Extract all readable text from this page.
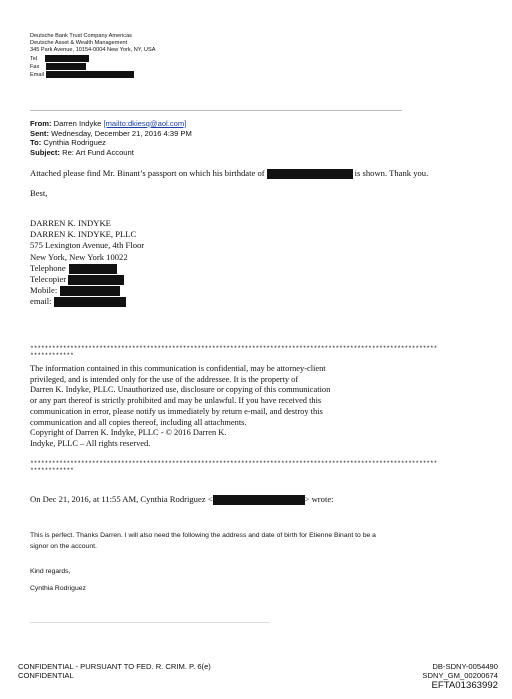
Deutsche Bank Trust Company Americas
Deutsche Asset & Wealth Management
345 Park Avenue, 10154-0004 New York, NY, USA
Tel
Fax
Email
From: Darren Indyke [mailto:dkiesq@aol.com]
Sent: Wednesday, December 21, 2016 4:39 PM
To: Cynthia Rodriguez
Subject: Re: Art Fund Account
Attached please find Mr. Binant’s passport on which his birthdate of	is shown. Thank you.
Best,
DARREN K. INDYKE
DARREN K. INDYKE, PLLC
575 Lexington Avenue, 4th Floor
New York, New York 10022
Telephone
Telecopier
Mobile:
email:
****************************************************************************************************************
************
The information contained in this communication is confidential, may be attorney-client
privileged, and is intended only for the use of the addressee. It is the property of
Darren K. Indyke, PLLC. Unauthorized use, disclosure or copying of this communication
or any part thereof is strictly prohibited and may be unlawful. If you have received this
communication in error, please notify us immediately by return e-mail, and destroy this
communication and all copies thereof, including all attachments.
Copyright of Darren K. Indyke, PLLC - © 2016 Darren K.
Indyke, PLLC – All rights reserved.
****************************************************************************************************************
************
On Dec 21, 2016, at 11:55 AM, Cynthia Rodriguez <	> wrote:
This is perfect. Thanks Darren. I will also need the following the address and date of birth for Etienne Binant to be a
signor on the account.
Kind regards,
Cynthia Rodriguez
CONFIDENTIAL - PURSUANT TO FED. R. CRIM. P. 6(e)
CONFIDENTIAL
DB-SDNY-0054490
SDNY_GM_00200674
EFTA01363992
